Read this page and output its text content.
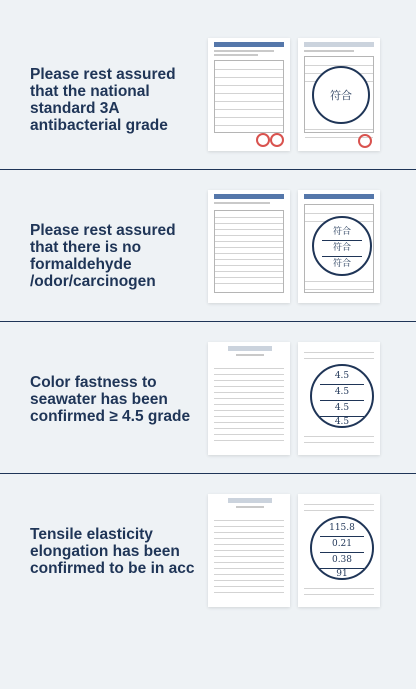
Please rest assured that the national standard 3A antibacterial grade
符合
Please rest assured that there is no formaldehyde /odor/carcinogen
符合
符合
符合
Color fastness to seawater has been confirmed ≥ 4.5 grade
4.5
4.5
4.5
4.5
Tensile elasticity elongation has been confirmed to be in acc
115.8
0.21
0.38
91
